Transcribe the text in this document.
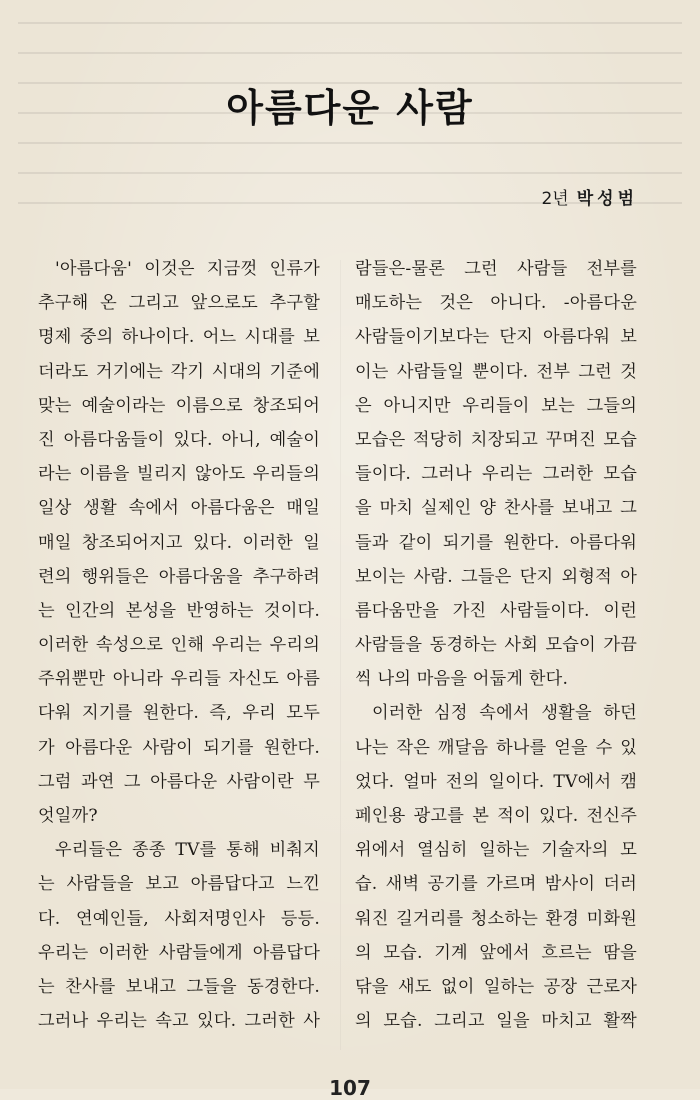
아름다운 사람
2년 박성범
'아름다움' 이것은 지금껏 인류가
추구해 온 그리고 앞으로도 추구할
명제 중의 하나이다. 어느 시대를 보
더라도 거기에는 각기 시대의 기준에
맞는 예술이라는 이름으로 창조되어
진 아름다움들이 있다. 아니, 예술이
라는 이름을 빌리지 않아도 우리들의
일상 생활 속에서 아름다움은 매일
매일 창조되어지고 있다. 이러한 일
련의 행위들은 아름다움을 추구하려
는 인간의 본성을 반영하는 것이다.
이러한 속성으로 인해 우리는 우리의
주위뿐만 아니라 우리들 자신도 아름
다워 지기를 원한다. 즉, 우리 모두
가 아름다운 사람이 되기를 원한다.
그럼 과연 그 아름다운 사람이란 무
엇일까?
우리들은 종종 TV를 통해 비춰지
는 사람들을 보고 아름답다고 느낀
다. 연예인들, 사회저명인사 등등.
우리는 이러한 사람들에게 아름답다
는 찬사를 보내고 그들을 동경한다.
그러나 우리는 속고 있다. 그러한 사
람들은-물론 그런 사람들 전부를
매도하는 것은 아니다. -아름다운
사람들이기보다는 단지 아름다워 보
이는 사람들일 뿐이다. 전부 그런 것
은 아니지만 우리들이 보는 그들의
모습은 적당히 치장되고 꾸며진 모습
들이다. 그러나 우리는 그러한 모습
을 마치 실제인 양 찬사를 보내고 그
들과 같이 되기를 원한다. 아름다워
보이는 사람. 그들은 단지 외형적 아
름다움만을 가진 사람들이다. 이런
사람들을 동경하는 사회 모습이 가끔
씩 나의 마음을 어둡게 한다.
이러한 심정 속에서 생활을 하던
나는 작은 깨달음 하나를 얻을 수 있
었다. 얼마 전의 일이다. TV에서 캠
페인용 광고를 본 적이 있다. 전신주
위에서 열심히 일하는 기술자의 모
습. 새벽 공기를 가르며 밤사이 더러
워진 길거리를 청소하는 환경 미화원
의 모습. 기계 앞에서 흐르는 땀을
닦을 새도 없이 일하는 공장 근로자
의 모습. 그리고 일을 마치고 활짝
107
